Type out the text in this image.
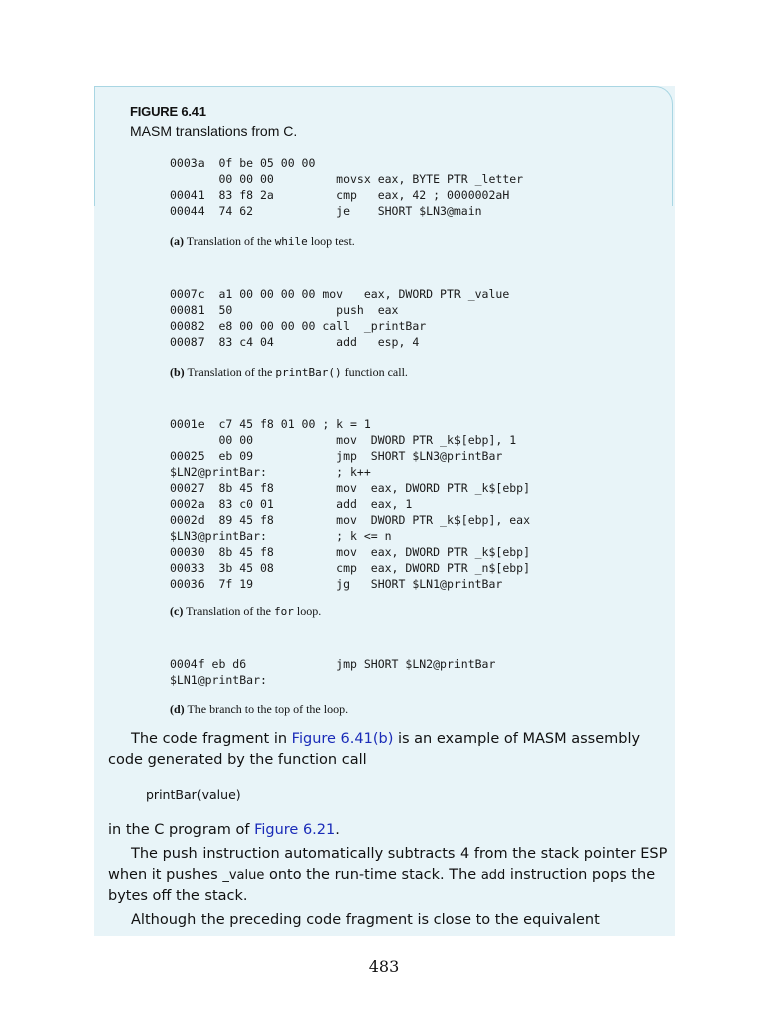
FIGURE 6.41
MASM translations from C.
0003a  0f be 05 00 00
00 00 00         movsx eax, BYTE PTR _letter
00041  83 f8 2a         cmp   eax, 42 ; 0000002aH
00044  74 62            je    SHORT $LN3@main
(a) Translation of the while loop test.
0007c  a1 00 00 00 00 mov   eax, DWORD PTR _value
00081  50               push  eax
00082  e8 00 00 00 00 call  _printBar
00087  83 c4 04         add   esp, 4
(b) Translation of the printBar() function call.
0001e  c7 45 f8 01 00 ; k = 1
00 00            mov  DWORD PTR _k$[ebp], 1
00025  eb 09            jmp  SHORT $LN3@printBar
$LN2@printBar:          ; k++
00027  8b 45 f8         mov  eax, DWORD PTR _k$[ebp]
0002a  83 c0 01         add  eax, 1
0002d  89 45 f8         mov  DWORD PTR _k$[ebp], eax
$LN3@printBar:          ; k <= n
00030  8b 45 f8         mov  eax, DWORD PTR _k$[ebp]
00033  3b 45 08         cmp  eax, DWORD PTR _n$[ebp]
00036  7f 19            jg   SHORT $LN1@printBar
(c) Translation of the for loop.
0004f eb d6             jmp SHORT $LN2@printBar
$LN1@printBar:
(d) The branch to the top of the loop.
The code fragment in Figure 6.41(b) is an example of MASM assembly code generated by the function call
printBar(value)
in the C program of Figure 6.21.
The push instruction automatically subtracts 4 from the stack pointer ESP when it pushes _value onto the run-time stack. The add instruction pops the bytes off the stack.
Although the preceding code fragment is close to the equivalent
483
